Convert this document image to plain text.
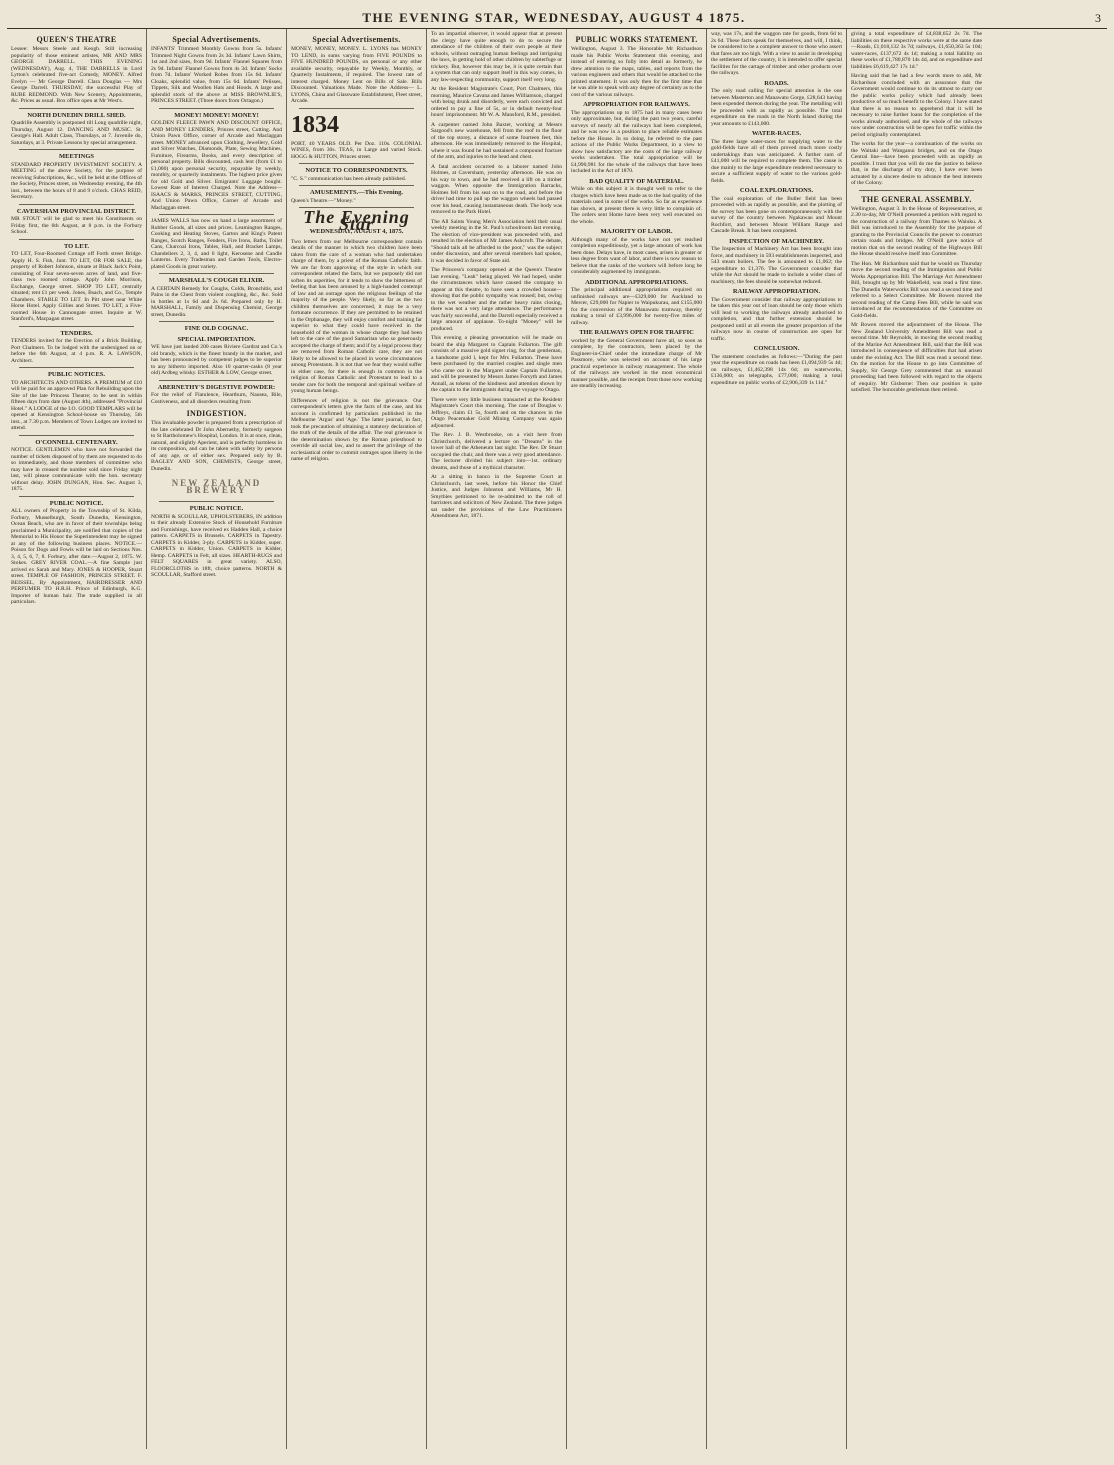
THE EVENING STAR, WEDNESDAY, AUGUST 4 1875.	3
QUEEN'S THEATRE

Lessee: Messrs Steele and Keogh. Still increasing popularity of those eminent artistes, MR AND MRS GEORGE DARRELL. THIS EVENING (WEDNESDAY), Aug. 4, THE DARRELLS in Lord Lytton's celebrated five-act Comedy, MONEY. Alfred Evelyn — Mr George Darrell. Clara Douglas — Mrs George Darrell. THURSDAY, the successful Play of RUBE REDMOND. With New Scenery, Appointments, &c. Prices as usual. Box office open at Mr West's.

NORTH DUNEDIN DRILL SHED.

Quadrille Assembly is postponed till Long quadrille night, Thursday, August 12. DANCING AND MUSIC. St. George's Hall. Adult Class, Thursdays, at 7. Juvenile do, Saturdays, at 3. Private Lessons by special arrangement.

MEETINGS

STANDARD PROPERTY INVESTMENT SOCIETY. A MEETING of the above Society, for the purpose of receiving Subscriptions, &c., will be held at the Offices of the Society, Princes street, on Wednesday evening, the 4th inst., between the hours of 8 and 9 o'clock. CHAS REID, Secretary.

CAVERSHAM PROVINCIAL DISTRICT.

MR STOUT will be glad to meet his Constituents on Friday first, the 6th August, at 8 p.m. in the Forbury School.

TO LET.

TO LET, Four-Roomed Cottage off Forth street Bridge. Apply H. S. Fish, Junr. TO LET, OR FOR SALE, the property of Robert Johnson, situate at Black Jack's Point, consisting of Four seven-seven acres of land, and five-class two roomed cottage. Apply John Morrison, Exchange, George street. SHOP TO LET, centrally situated; rent £1 per week. Jones, Bsach, and Co., Temple Chambers. STABLE TO LET. In Pitt street near White Horse Hotel. Apply Gillies and Street. TO LET, a Five-roomed House in Cannongate street. Inquire at W. Stanford's, Macpagan street.

TENDERS.

TENDERS invited for the Erection of a Brick Building, Port Chalmers. To be lodged with the undersigned on or before the 6th August, at 4 p.m. R. A. LAWSON, Architect.

PUBLIC NOTICES.

TO ARCHITECTS AND OTHERS. A PREMIUM of £10 will be paid for an approved Plan for Rebuilding upon the Site of the late Princess Theatre; to be sent in within fifteen days from date (August 4th), addressed "Provincial Hotel." A LODGE of the I.O. GOOD TEMPLARS will be opened at Kensington School-house on Thursday, 5th inst., at 7.30 p.m. Members of Town Lodges are invited to attend.

O'CONNELL CENTENARY.

NOTICE. GENTLEMEN who have not forwarded the number of tickets disposed of by them are requested to do so immediately, and those members of committee who may have in creased the number sold since Friday night last, will please communicate with the hon. secretary without delay. JOHN DUNGAN, Hon. Sec. August 3, 1875.

PUBLIC NOTICE.

ALL owners of Property in the Township of St. Kilda, Forbury, Musselburgh, South Dunedin, Kensington, Ocean Beach, who are in favor of their townships being proclaimed a Municipality, are notified that copies of the Memorial to His Honor the Superintendent may be signed at any of the following business places. NOTICE.—Poison for Dogs and Fowls will be laid on Sections Nos. 3, 4, 5, 6, 7, 8. Forbury, after date.—August 2, 1875. W. Stokes. GREY RIVER COAL.—A fine Sample just arrived ex Sarah and Mary. JONES & HOOPER, Stuart street. TEMPLE OF FASHION, PRINCES STREET. F. BEISSEL, By Appointment, HAIRDRESSER AND PERFUMER TO H.R.H. Prince of Edinburgh, K.G. Importer of human hair. The trade supplied in all particulars.

Special Advertisements.

INFANTS' Trimmed Monthly Gowns from 5s. Infants' Trimmed Night Gowns from 2s 3d. Infants' Lawn Shirts, 1st and 2nd sizes, from 9d. Infants' Flannel Squares from 2s 9d. Infants' Flannel Gowns from 4s 3d. Infants' Socks from 7d. Infants' Worked Robes from 15s 6d. Infants' Cloaks, splendid value, from 15s 6d. Infants' Pelisses, Tippets, Silk and Woollen Hats and Hoods. A large and splendid stock of the above at MISS BROWNLIE'S, PRINCES STREET. (Three doors from Octagon.)

MONEY! MONEY! MONEY!

GOLDEN FLEECE PAWN AND DISCOUNT OFFICE, AND MONEY LENDERS, Princes street, Cutting. And Union Pawn Office, corner of Arcade and Maclaggan street. MONEY advanced upon Clothing, Jewellery, Gold and Silver Watches, Diamonds, Plate, Sewing Machines, Furniture, Firearms, Books, and every description of personal property. Bills discounted, cash lent (from £1 to £1,000) upon personal security, repayable by weekly, monthly, or quarterly instalments. The highest price given for old Gold and Silver. Emigrants' Luggage bought. Lowest Rate of Interest Charged. Note the Address— ISAACS & MARKS, PRINCES STREET, CUTTING, And Union Pawn Office, Corner of Arcade and Maclaggan street.

JAMES WALLS has now on hand a large assortment of Rubber Goods, all sizes and prices. Leamington Ranges, Cooking and Heating Stoves, Garton and King's Patent Ranges, Scotch Ranges, Fenders, Fire Irons, Baths, Toilet Cans, Charcoal Irons, Tables, Hall, and Bracket Lamps, Chandeliers 2, 3, 4, and 6 light, Kerosene and Candle Lanterns. Every Tradesman and Garden Tools, Electro-plated Goods in great variety.

MARSHALL'S COUGH ELIXIR.

A CERTAIN Remedy for Coughs, Colds, Bronchitis, and Pains in the Chest from violent coughing, &c., &c. Sold in bottles at 1s 6d and 2s 6d. Prepared only by H. MARSHALL, Family and Dispensing Chemist, George street, Dunedin.

FINE OLD COGNAC.
SPECIAL IMPORTATION.

WE have just landed 200 cases Riviere Gardrat and Co.'s old brandy, which is the finest brandy in the market, and has been pronounced by competent judges to be superior to any hitherto imported. Also 10 quarter-casks (8 year old) Ardbeg whisky. ESTHER & LOW, George street.

ABERNETHY'S DIGESTIVE POWDER:

For the relief of Flatulence, Heartburn, Nausea, Bile, Costiveness, and all disorders resulting from

INDIGESTION.

This invaluable powder is prepared from a prescription of the late celebrated Dr John Abernethy, formerly surgeon to St Bartholomew's Hospital, London. It is at once, clean, natural, and slightly Aperient, and is perfectly harmless in its composition, and can be taken with safety by persons of any age, or of either sex. Prepared only by B. BAGLEY AND SON, CHEMISTS, George street, Dunedin.

NEW ZEALAND BREWERY
PUBLIC NOTICE.

NORTH & SCOULLAR, UPHOLSTERERS, IN addition to their already Extensive Stock of Household Furniture and Furnishings, have received ex Hadden Hall, a choice pattern. CARPETS in Brussels. CARPETS in Tapestry. CARPETS in Kidder, 3-ply. CARPETS in Kidder, super. CARPETS in Kidder, Union. CARPETS in Kidder, Hemp. CARPETS in Felt, all sizes. HEARTH-RUGS and FELT SQUARES in great variety. ALSO, FLOORCLOTHS in 18ft, choice patterns. NORTH & SCOULLAR, Stafford street.

Special Advertisements.

MONEY, MONEY, MONEY. L. LYONS has MONEY TO LEND, in sums varying from FIVE POUNDS to FIVE HUNDRED POUNDS, on personal or any other available security, repayable by Weekly, Monthly, or Quarterly Instalments, if required. The lowest rate of interest charged. Money Lent on Bills of Sale. Bills Discounted. Valuations Made. Note the Address— L. LYONS, China and Glassware Establishment, Fleet street, Arcade.

1834

PORT, 40 YEARS OLD. Per Doz. 110s. COLONIAL WINES, from 30s. TEAS, in Large and varied Stock. HOGG & HUTTON, Princes street.

NOTICE TO CORRESPONDENTS.

"C. S." communication has been already published.

AMUSEMENTS.—This Evening.

Queen's Theatre.—"Money."

The Evening Star
WEDNESDAY, AUGUST 4, 1875.

Two letters from our Melbourne correspondent contain details of the manner in which two children have been taken from the care of a woman who had undertaken charge of them, by a priest of the Roman Catholic faith. We are far from approving of the style in which our correspondent related the facts, but we purposely did not soften its asperities, for it tends to show the bitterness of feeling that has been aroused by a high-handed contempt of law and an outrage upon the religious feelings of the majority of the people. Very likely, so far as the two children themselves are concerned, it may be a very fortunate occurrence. If they are permitted to be retained in the Orphanage, they will enjoy comfort and training far superior to what they could have received in the household of the woman in whose charge they had been left to the care of the good Samaritan who so generously accepted the charge of them; and if by a legal process they are removed from Roman Catholic care, they are not likely to be allowed to be placed in worse circumstances among Protestants. It is not that we fear they would suffer in either case, for there is enough in common in the religion of Roman Catholic and Protestant to lead to a tender care for both the temporal and spiritual welfare of young human beings.

Differences of religion is not the grievance. Our correspondent's letters give the facts of the case, and his account is confirmed by particulars published in the Melbourne 'Argus' and 'Age.' The latter journal, in fact, took the precaution of obtaining a statutory declaration of the truth of the details of the affair. The real grievance is the determination shown by the Roman priesthood to override all social law, and to assert the privilege of the ecclesiastical order to commit outrages upon liberty in the name of religion.

To an impartial observer, it would appear that at present the clergy have quite enough to do to secure the attendance of the children of their own people at their schools, without outraging human feelings and intriguing the laws, in getting hold of other children by subterfuge or trickery. But, however this may be, it is quite certain that a system that can only support itself in this way comes, in any law-respecting community, support itself very long.

At the Resident Magistrate's Court, Port Chalmers, this morning, Maurice Cavana and James Williamson, charged with being drunk and disorderly, were each convicted and ordered to pay a fine of 5s, or in default twenty-four hours' imprisonment. Mr W. A. Mansford, R.M., presided.

A carpenter named John Baxter, working at Messrs Sargood's new warehouse, fell from the roof to the floor of the top storey, a distance of some fourteen feet, this afternoon. He was immediately removed to the Hospital, where it was found he had sustained a compound fracture of the arm, and injuries to the head and chest.

A fatal accident occurred to a laborer named John Holmes, at Caversham, yesterday afternoon. He was on his way to town, and he had received a lift on a timber waggon. When opposite the Immigration Barracks, Holmes fell from his seat on to the road, and before the driver had time to pull up the waggon wheels had passed over his head, causing instantaneous death. The body was removed to the Park Hotel.

The All Saints Young Men's Association held their usual weekly meeting in the St. Paul's schoolroom last evening. The election of vice-president was proceeded with, and resulted in the election of Mr James Ashcroft. The debate, "Should tails all be afforded to the poor," was the subject under discussion, and after several members had spoken, it was decided in favor of State aid.

The Princess's company opened at the Queen's Theatre last evening. "Leah" being played. We had hoped, under the circumstances which have caused the company to appear at this theatre, to have seen a crowded house—showing that the public sympathy was roused; but, owing to the wet weather and the rather heavy rains closing, there was not a very large attendance. The performance was fairly successful, and the Darrell especially received a large amount of applause. To-night "Money" will be produced.

This evening a pleasing presentation will be made on board the ship Margaret to Captain Fullarton. The gift consists of a massive gold signet ring, for that gentleman, a handsome gold l, kept for Mrs Fullarton. These have been purchased by the married couples and single men who came out in the Margaret under Captain Fullarton, and will be presented by Messrs James Forsyth and James Annall, as tokens of the kindness and attention shown by the captain to the immigrants during the voyage to Otago.

There were very little business transacted at the Resident Magistrate's Court this morning. The case of Douglas v. Jeffreys, claim £1 5s, fourth and on the chances in the Otago Peacemaker Gold Mining Company was again adjourned.

The Rev. J. B. Westbrooke, on a visit here from Christchurch, delivered a lecture on "Dreams" in the lower hall of the Atheneum last night. The Rev. Dr Stuart occupied the chair, and there was a very good attendance. The lecturer divided his subject into—1st. ordinary dreams, and those of a mythical character.

At a sitting in banco in the Supreme Court at Christchurch, last week, before his Honor the Chief Justice, and Judges Johnston and Williams, Mr H. Smythies petitioned to be re-admitted to the roll of barristers and solicitors of New Zealand. The three judges sat under the provisions of the Law Practitioners Amendment Act, 1871.

PUBLIC WORKS STATEMENT.

Wellington, August 3. The Honorable Mr Richardson made his Public Works Statement this evening, and instead of entering so fully into detail as formerly, he drew attention to the maps, tables, and reports from the various engineers and others that would be attached to the printed statement. It was only then for the first time that he was able to speak with any degree of certainty as to the cost of the various railways.

APPROPRIATION FOR RAILWAYS.

The appropriations up to 1875 had in many cases been only approximate, but, during the past two years, careful surveys of nearly all the railways had been completed, and he was now in a position to place reliable estimates before the House. In so doing, he referred to the past actions of the Public Works Department, in a view to show how satisfactory are the costs of the large railway works undertaken. The total appropriation will be £4,990,981 for the whole of the railways that have been included in the Act of 1870.

BAD QUALITY OF MATERIAL.

While on this subject it is thought well to refer to the charges which have been made as to the bad quality of the materials used in some of the works. So far as experience has shown, at present there is very little to complain of. The orders sent Home have been very well executed on the whole.

MAJORITY OF LABOR.

Although many of the works have not yet reached completion expeditiously, yet a large amount of work has been done. Delays have, in most cases, arisen in greater or less degree from want of labor, and there is now reason to believe that the ranks of the workers will before long be considerably augmented by immigrants.

ADDITIONAL APPROPRIATIONS.

The principal additional appropriations required on unfinished railways are—£329,000 for Auckland to Mercer, £29,000 for Napier to Waipukurau, and £155,000 for the conversion of the Manawatu tramway, thereby making a total of £3,996,000 for twenty-five miles of railway.

THE RAILWAYS OPEN FOR TRAFFIC

worked by the General Government have all, so soon as complete, by the contractors, been placed by the Engineer-in-Chief under the immediate charge of Mr Passmore, who was selected on account of his large practical experience in railway management. The whole of the railways are worked in the most economical manner possible, and the receipts from those now working are steadily increasing.

way, was 17s, and the waggon rate for goods, from 6d to 2s 6d. These facts speak for themselves, and will, I think, be considered to be a complete answer to those who assert that fares are too high. With a view to assist in developing the settlement of the country, it is intended to offer special facilities for the cartage of timber and other products over the railways.

ROADS.

The only road calling for special attention is the one between Masterton and Manawatu Gorge, £28,643 having been expended thereon during the year. The metalling will be proceeded with as rapidly as possible. The total expenditure on the roads in the North Island during the year amounts to £143,000.

WATER-RACES.

The three large water-races for supplying water to the gold-fields have all of them proved much more costly undertakings than was anticipated. A further sum of £41,000 will be required to complete them. The cause is due mainly to the large expenditure rendered necessary to secure a sufficient supply of water to the various gold-fields.

COAL EXPLORATIONS.

The coal exploration of the Buller field has been proceeded with as rapidly as possible, and the plotting of the survey has been gone on contemporaneously with the survey of the country between Ngakawau and Mount Rochfort, and between Mount William Range and Cascade Break. It has been completed.

INSPECTION OF MACHINERY.

The Inspection of Machinery Act has been brought into force, and machinery in 593 establishments inspected, and 543 steam boilers. The fee is amounted to £1,062; the expenditure to £1,376. The Government consider that while the Act should be made to include a wider class of machinery, the fees should be somewhat reduced.

RAILWAY APPROPRIATION.

The Government consider that railway appropriations to be taken this year out of loan should be only those which will lead to working the railways already authorised to completion, and that further extension should be postponed until at all events the greater proportion of the railways now in course of construction are open for traffic.

CONCLUSION.

The statement concludes as follows:—"During the past year the expenditure on roads has been £1,094,939 5s 4d; on railways, £1,462,398 14s 6d; on waterworks, £136,000; on telegraphs, £77,000; making a total expenditure on public works of £2,906,339 1s 11d."

giving a total expenditure of £4,838,652 2s 7d. The liabilities on these respective works were at the same date—Roads, £1,018,132 3s 7d; railways, £1,650,363 5s 10d; water-races, £137,672 4s 1d; making a total liability on these works of £1,780,870 14s 4d, and on expenditure and liabilities £6,619,427 17s 1d."

Having said that he had a few words more to add, Mr Richardson concluded with an assurance that the Government would continue to do its utmost to carry out the public works policy which had already been productive of so much benefit to the Colony. I have stated that there is no reason to apprehend that it will be necessary to raise further loans for the completion of the works already authorised, and the whole of the railways now under construction will be open for traffic within the period originally contemplated.

The works for the year—a continuation of the works on the Waitaki and Wanganui bridges, and on the Otago Central line—have been proceeded with as rapidly as possible. I trust that you will do me the justice to believe that, in the discharge of my duty, I have ever been actuated by a sincere desire to advance the best interests of the Colony.

THE GENERAL ASSEMBLY.

Wellington, August 3. In the House of Representatives, at 2.30 to-day, Mr O'Neill presented a petition with regard to the construction of a railway from Thames to Waiuku. A Bill was introduced to the Assembly for the purpose of granting to the Provincial Councils the power to construct certain roads and bridges. Mr O'Neill gave notice of motion that on the second reading of the Highways Bill the House should resolve itself into Committee.

The Hon. Mr Richardson said that he would on Thursday move the second reading of the Immigration and Public Works Appropriation Bill. The Marriage Act Amendment Bill, brought up by Mr Wakefield, was read a first time. The Dunedin Waterworks Bill was read a second time and referred to a Select Committee. Mr Bowen moved the second reading of the Camp Fees Bill, while he said was introduced at the recommendation of the Committee on Gold-fields.

Mr Bowen moved the adjournment of the House. The New Zealand University Amendment Bill was read a second time. Mr Reynolds, in moving the second reading of the Marine Act Amendment Bill, said that the Bill was introduced in consequence of difficulties that had arisen under the existing Act. The Bill was read a second time. On the motion for the House to go into Committee of Supply, Sir George Grey commented that an unusual proceeding had been followed with regard to the objects of enquiry. Mr Gisborne: Then our position is quite satisfied. The honorable gentleman then retired.
